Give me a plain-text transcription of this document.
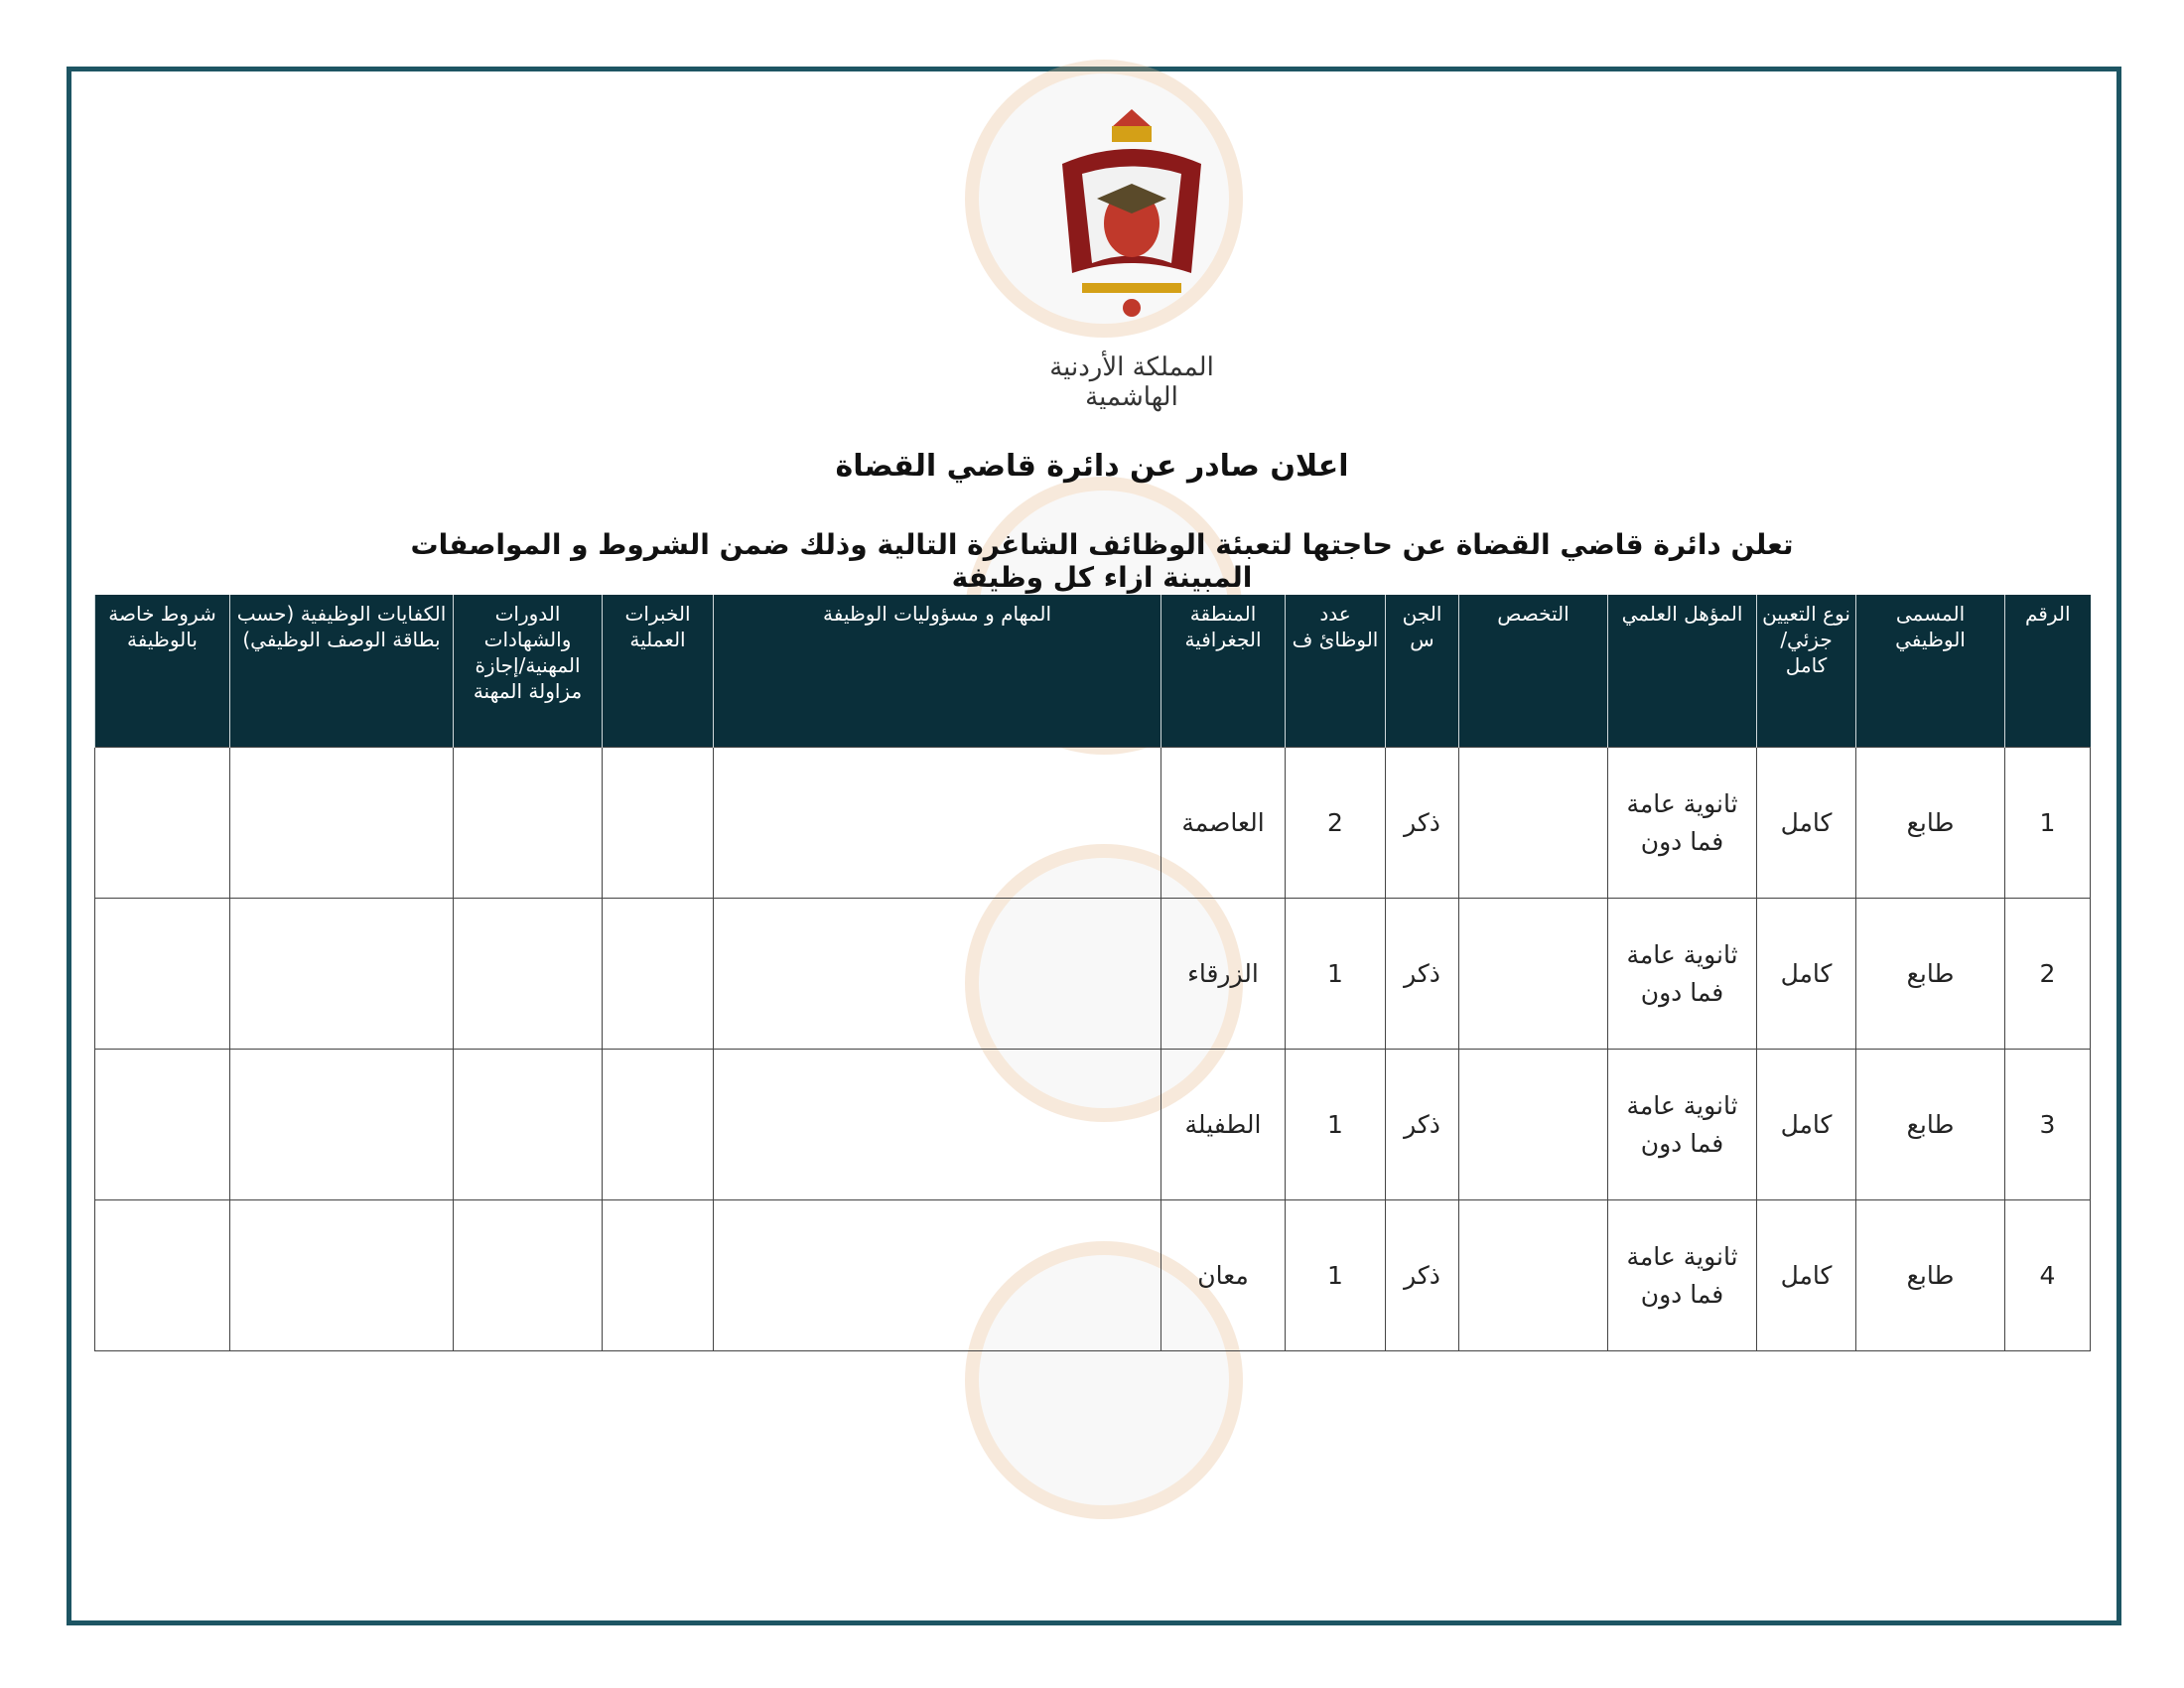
المملكة الأردنية الهاشمية
اعلان صادر عن دائرة قاضي القضاة
تعلن دائرة قاضي القضاة عن حاجتها لتعبئة الوظائف الشاغرة التالية وذلك ضمن الشروط و المواصفات المبينة ازاء كل وظيفة
الرقم	المسمى الوظيفي	نوع التعيين جزئي/ كامل	المؤهل العلمي	التخصص	الجن س	عدد الوظائ ف	المنطقة الجغرافية	المهام و مسؤوليات الوظيفة	الخبرات العملية	الدورات والشهادات المهنية/إجازة مزاولة المهنة	الكفايات الوظيفية (حسب بطاقة الوصف الوظيفي)	شروط خاصة بالوظيفة
1	طابع	كامل	ثانوية عامة فما دون		ذكر	2	العاصمة					
2	طابع	كامل	ثانوية عامة فما دون		ذكر	1	الزرقاء					
3	طابع	كامل	ثانوية عامة فما دون		ذكر	1	الطفيلة					
4	طابع	كامل	ثانوية عامة فما دون		ذكر	1	معان					
